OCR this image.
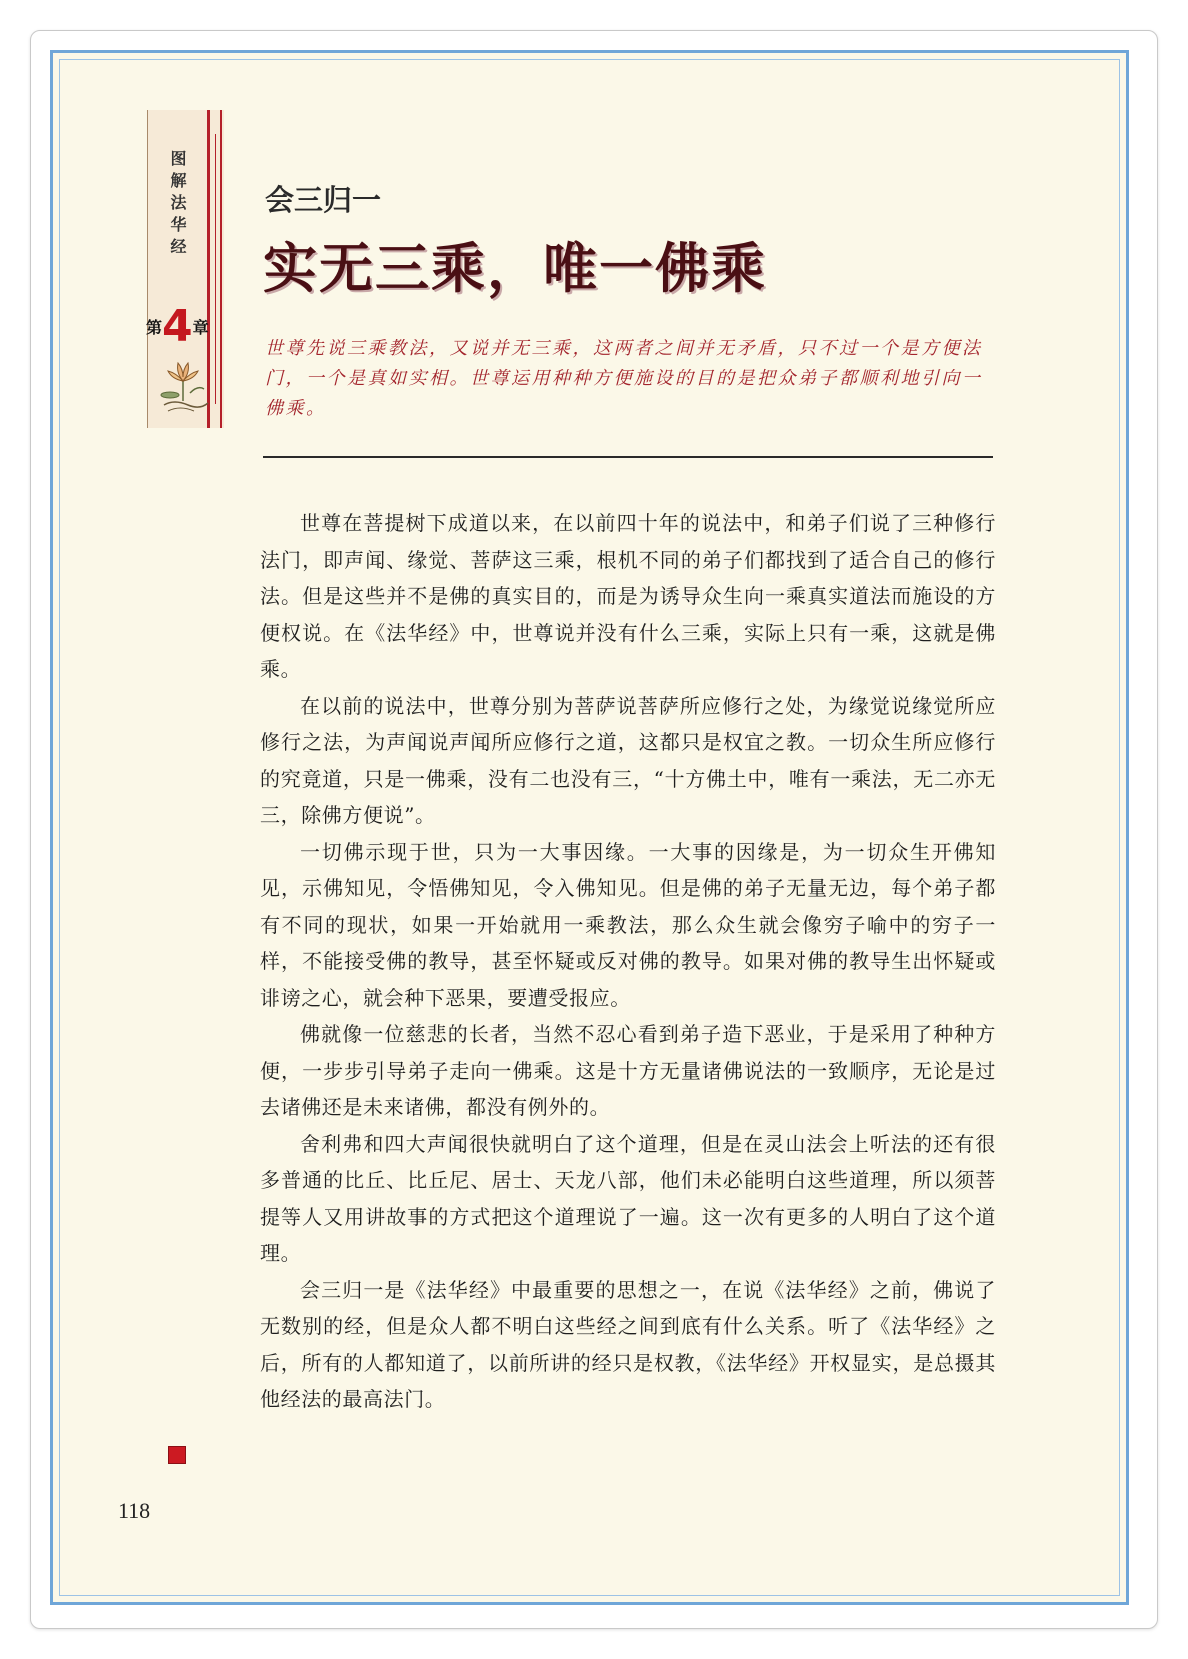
图解法华经
第4章
会三归一
实无三乘，唯一佛乘
世尊先说三乘教法，又说并无三乘，这两者之间并无矛盾，只不过一个是方便法门，一个是真如实相。世尊运用种种方便施设的目的是把众弟子都顺利地引向一佛乘。

世尊在菩提树下成道以来，在以前四十年的说法中，和弟子们说了三种修行法门，即声闻、缘觉、菩萨这三乘，根机不同的弟子们都找到了适合自己的修行法。但是这些并不是佛的真实目的，而是为诱导众生向一乘真实道法而施设的方便权说。在《法华经》中，世尊说并没有什么三乘，实际上只有一乘，这就是佛乘。

在以前的说法中，世尊分别为菩萨说菩萨所应修行之处，为缘觉说缘觉所应修行之法，为声闻说声闻所应修行之道，这都只是权宜之教。一切众生所应修行的究竟道，只是一佛乘，没有二也没有三，“十方佛土中，唯有一乘法，无二亦无三，除佛方便说”。

一切佛示现于世，只为一大事因缘。一大事的因缘是，为一切众生开佛知见，示佛知见，令悟佛知见，令入佛知见。但是佛的弟子无量无边，每个弟子都有不同的现状，如果一开始就用一乘教法，那么众生就会像穷子喻中的穷子一样，不能接受佛的教导，甚至怀疑或反对佛的教导。如果对佛的教导生出怀疑或诽谤之心，就会种下恶果，要遭受报应。

佛就像一位慈悲的长者，当然不忍心看到弟子造下恶业，于是采用了种种方便，一步步引导弟子走向一佛乘。这是十方无量诸佛说法的一致顺序，无论是过去诸佛还是未来诸佛，都没有例外的。

舍利弗和四大声闻很快就明白了这个道理，但是在灵山法会上听法的还有很多普通的比丘、比丘尼、居士、天龙八部，他们未必能明白这些道理，所以须菩提等人又用讲故事的方式把这个道理说了一遍。这一次有更多的人明白了这个道理。

会三归一是《法华经》中最重要的思想之一，在说《法华经》之前，佛说了无数别的经，但是众人都不明白这些经之间到底有什么关系。听了《法华经》之后，所有的人都知道了，以前所讲的经只是权教，《法华经》开权显实，是总摄其他经法的最高法门。

118
